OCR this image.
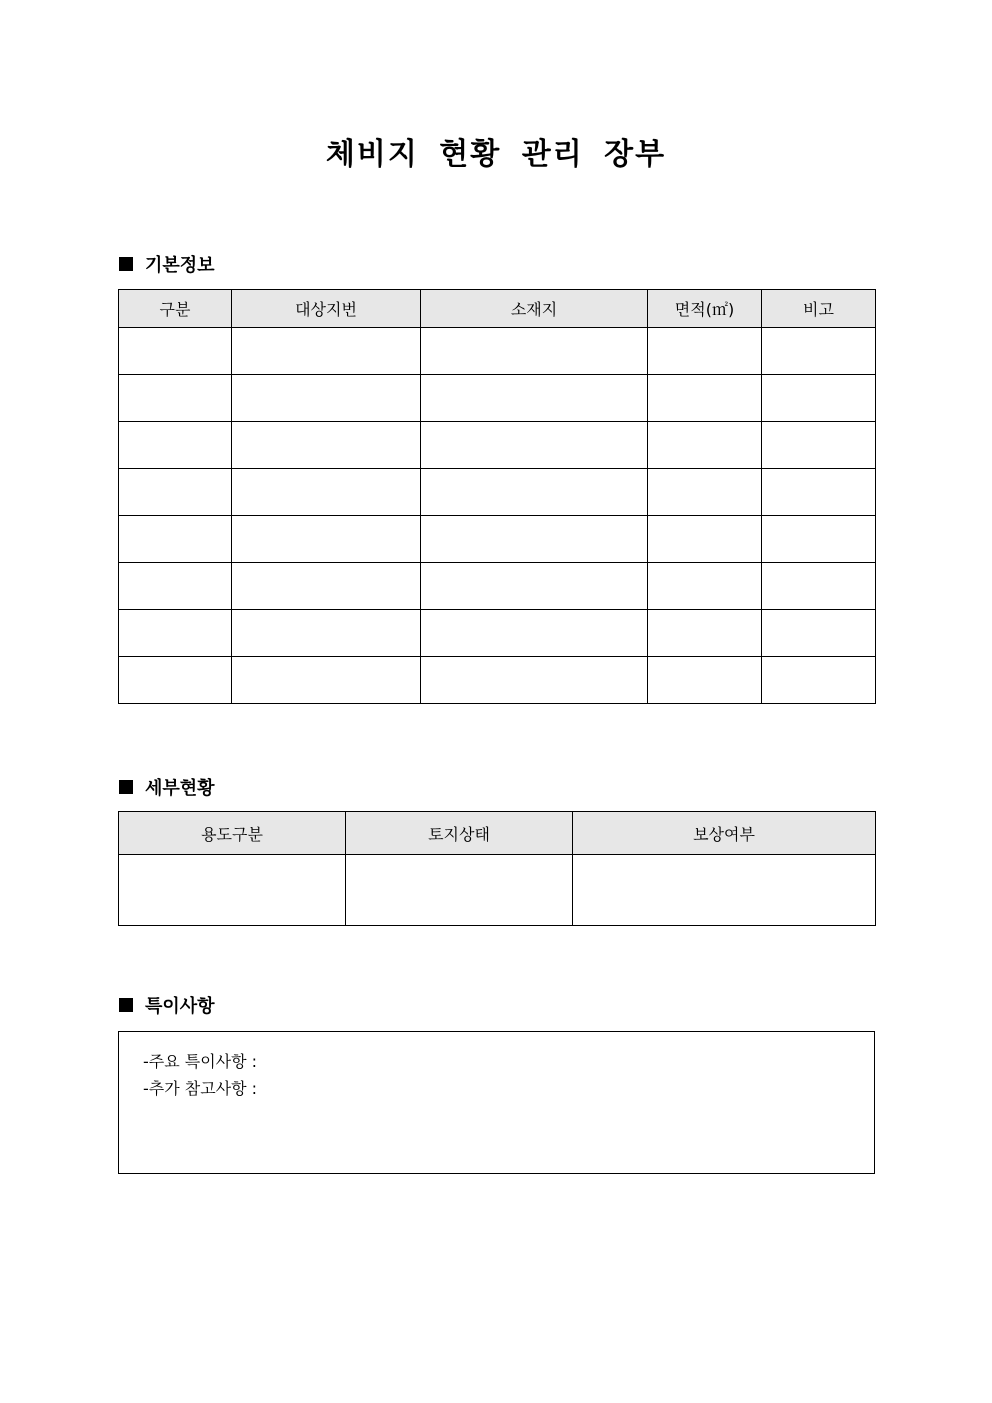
체비지 현황 관리 장부
기본정보
구분	대상지번	소재지	면적(㎡)	비고

세부현황
용도구분	토지상태	보상여부

특이사항
-주요 특이사항 :
-추가 참고사항 :
